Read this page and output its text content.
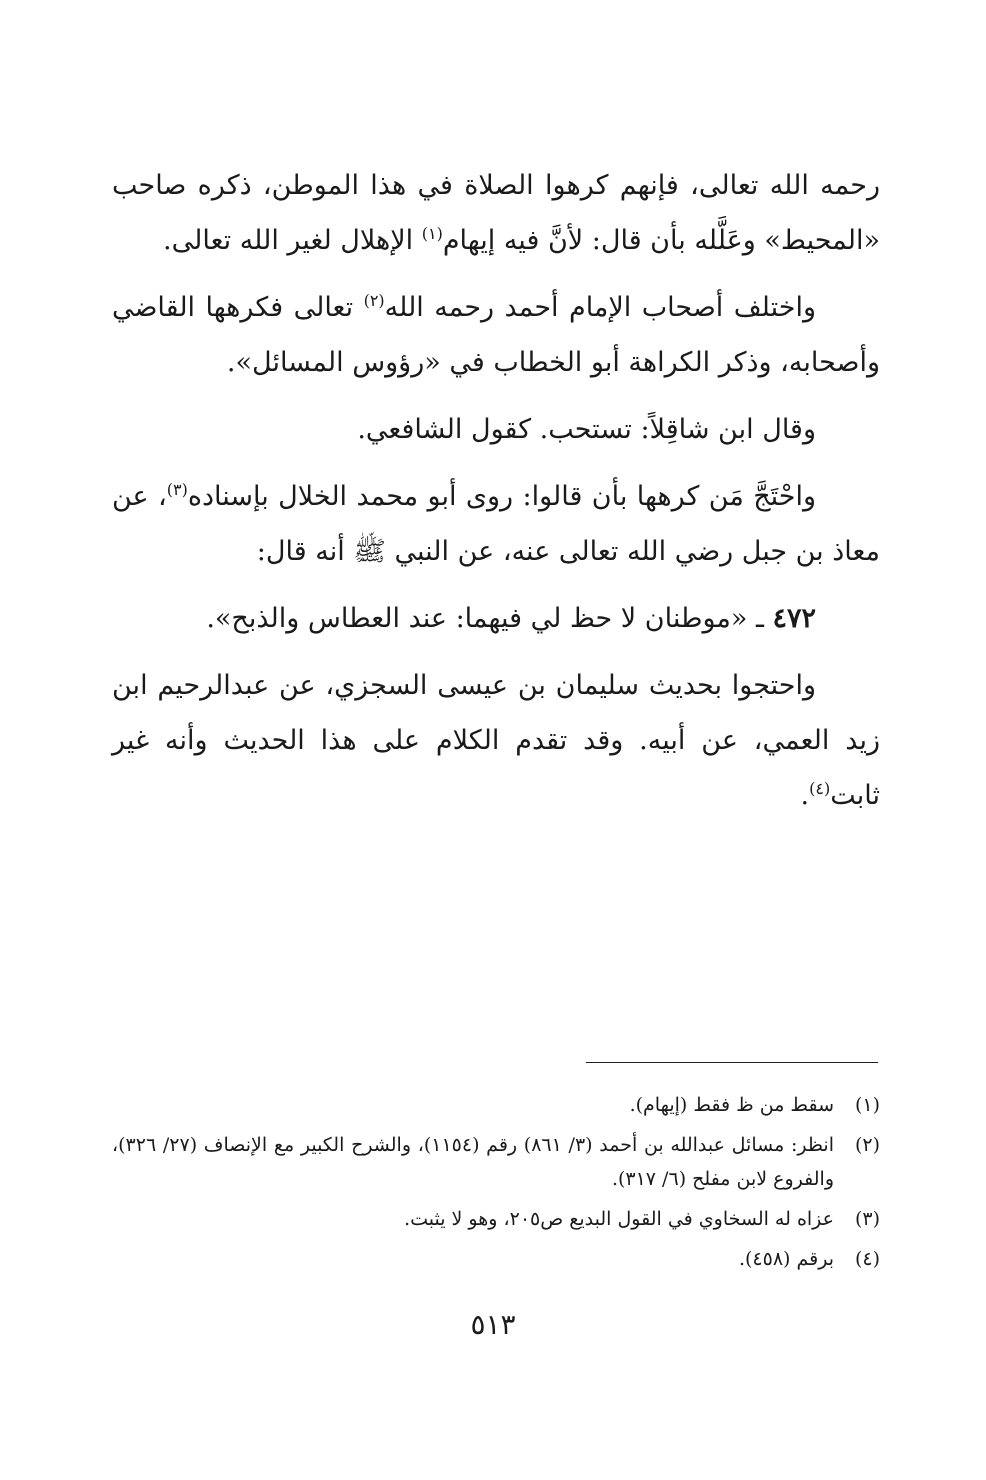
رحمه الله تعالى، فإنهم كرهوا الصلاة في هذا الموطن، ذكره صاحب «المحيط» وعَلَّله بأن قال: لأنَّ فيه إيهام$^{(١)}$ الإهلال لغير الله تعالى.

واختلف أصحاب الإمام أحمد رحمه الله$^{(٢)}$ تعالى فكرهها القاضي وأصحابه، وذكر الكراهة أبو الخطاب في «رؤوس المسائل».

وقال ابن شاقِلاً: تستحب. كقول الشافعي.

واحْتَجَّ مَن كرهها بأن قالوا: روى أبو محمد الخلال بإسناده$^{(٣)}$، عن معاذ بن جبل رضي الله تعالى عنه، عن النبي ﷺ أنه قال:

٤٧٢ ـ «موطنان لا حظ لي فيهما: عند العطاس والذبح».

واحتجوا بحديث سليمان بن عيسى السجزي، عن عبدالرحيم ابن زيد العمي، عن أبيه. وقد تقدم الكلام على هذا الحديث وأنه غير ثابت$^{(٤)}$.

(١)
سقط من ظ فقط (إيهام).
(٢)
انظر: مسائل عبدالله بن أحمد (٣/ ٨٦١) رقم (١١٥٤)، والشرح الكبير مع الإنصاف (٢٧/ ٣٢٦)، والفروع لابن مفلح (٦/ ٣١٧).
(٣)
عزاه له السخاوي في القول البديع ص٢٠٥، وهو لا يثبت.
(٤)
برقم (٤٥٨).
٥١٣
